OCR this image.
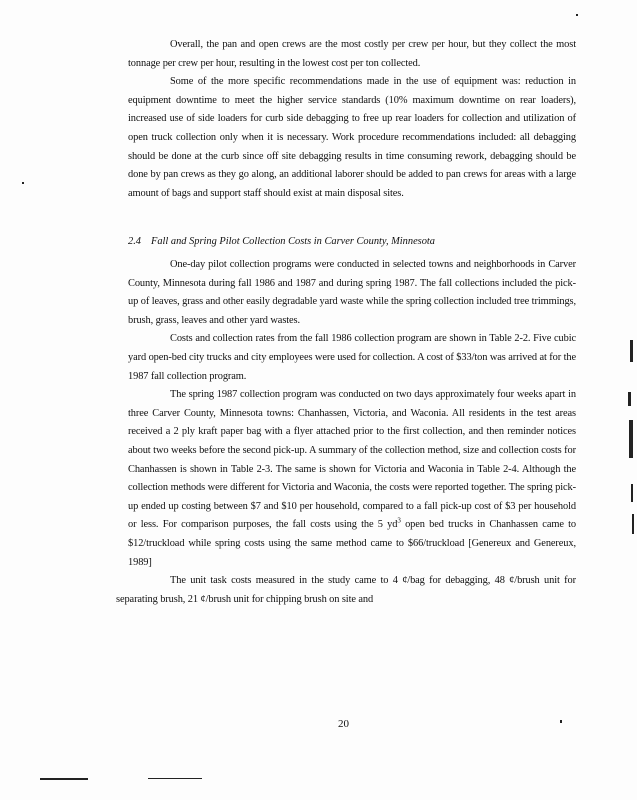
Overall, the pan and open crews are the most costly per crew per hour, but they collect the most tonnage per crew per hour, resulting in the lowest cost per ton collected.

Some of the more specific recommendations made in the use of equipment was: reduction in equipment downtime to meet the higher service standards (10% maximum downtime on rear loaders), increased use of side loaders for curb side debagging to free up rear loaders for collection and utilization of open truck collection only when it is necessary. Work procedure recommendations included: all debagging should be done at the curb since off site debagging results in time consuming rework, debagging should be done by pan crews as they go along, an additional laborer should be added to pan crews for areas with a large amount of bags and support staff should exist at main disposal sites.

2.4 Fall and Spring Pilot Collection Costs in Carver County, Minnesota

One-day pilot collection programs were conducted in selected towns and neighborhoods in Carver County, Minnesota during fall 1986 and 1987 and during spring 1987. The fall collections included the pick-up of leaves, grass and other easily degradable yard waste while the spring collection included tree trimmings, brush, grass, leaves and other yard wastes.

Costs and collection rates from the fall 1986 collection program are shown in Table 2-2. Five cubic yard open-bed city trucks and city employees were used for collection. A cost of $33/ton was arrived at for the 1987 fall collection program.

The spring 1987 collection program was conducted on two days approximately four weeks apart in three Carver County, Minnesota towns: Chanhassen, Victoria, and Waconia. All residents in the test areas received a 2 ply kraft paper bag with a flyer attached prior to the first collection, and then reminder notices about two weeks before the second pick-up. A summary of the collection method, size and collection costs for Chanhassen is shown in Table 2-3. The same is shown for Victoria and Waconia in Table 2-4. Although the collection methods were different for Victoria and Waconia, the costs were reported together. The spring pick-up ended up costing between $7 and $10 per household, compared to a fall pick-up cost of $3 per household or less. For comparison purposes, the fall costs using the 5 $yd^3$ open bed trucks in Chanhassen came to $12/truckload while spring costs using the same method came to $66/truckload [Genereux and Genereux, 1989]

The unit task costs measured in the study came to 4 ¢/bag for debagging, 48 ¢/brush unit for separating brush, 21 ¢/brush unit for chipping brush on site and

20
